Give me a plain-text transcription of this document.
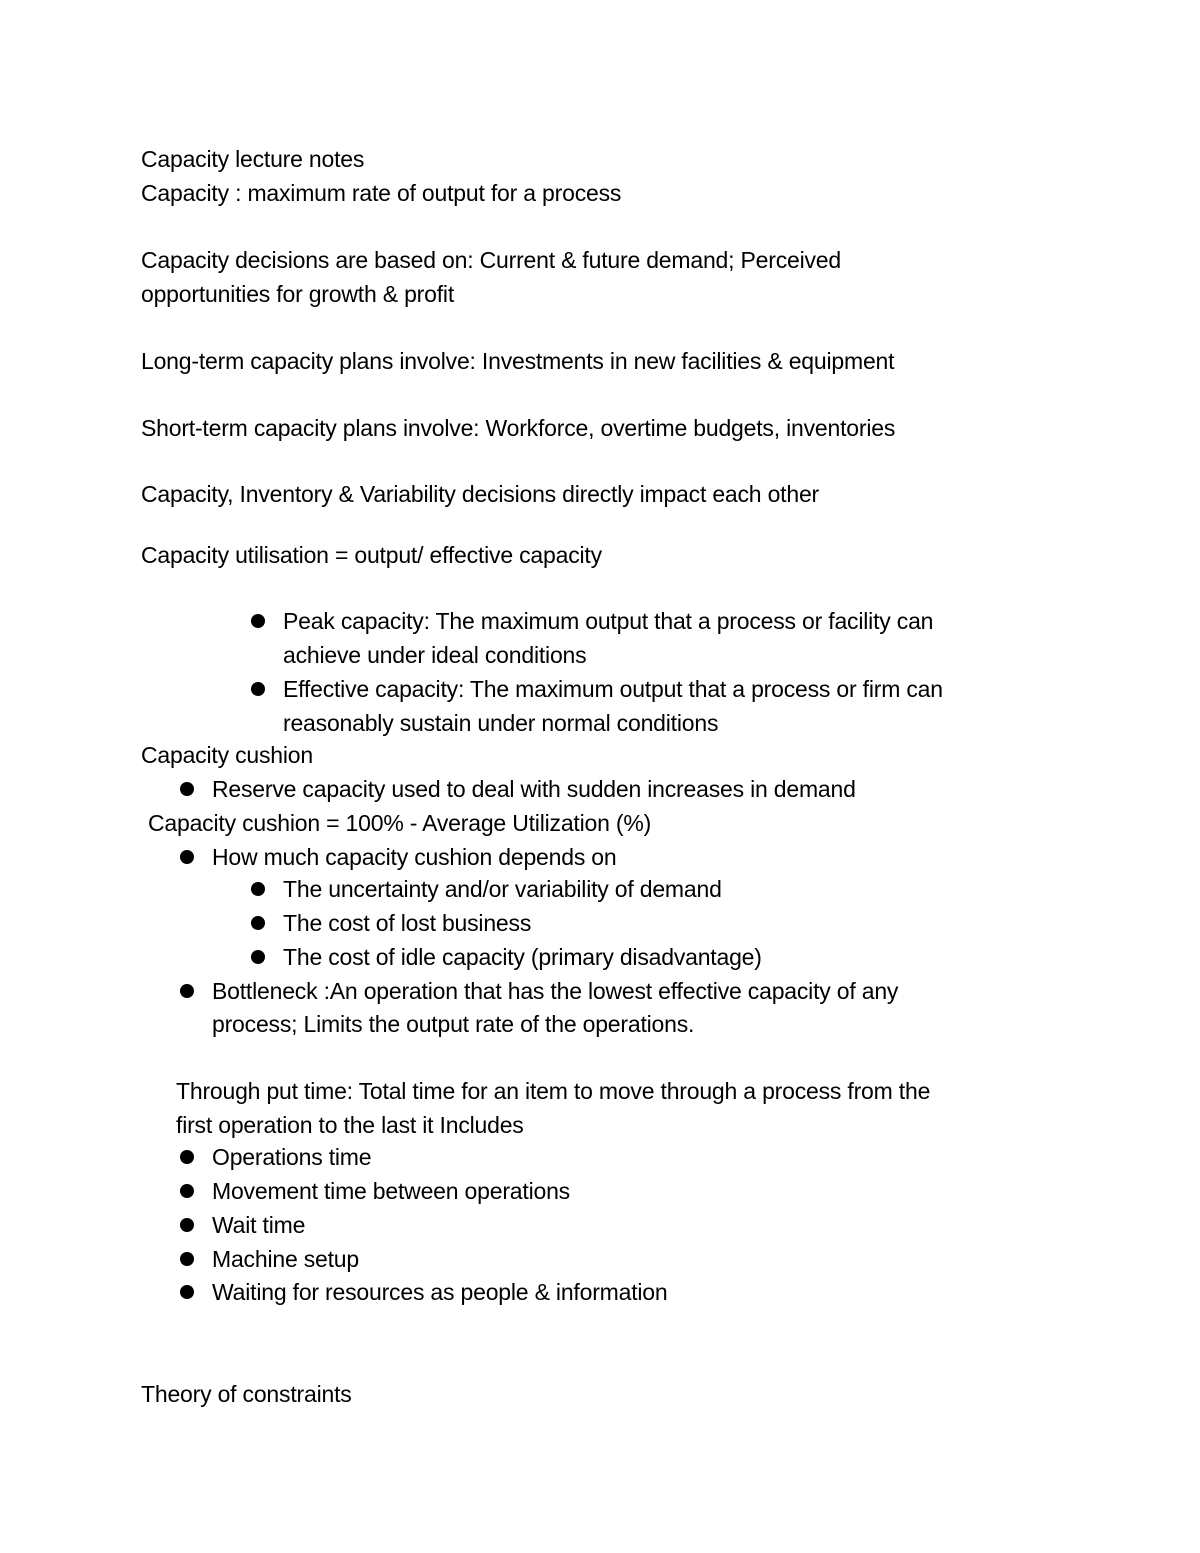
Capacity lecture notes
Capacity : maximum rate of output for a process
Capacity decisions are based on: Current & future demand; Perceived
opportunities for growth & profit
Long-term capacity plans involve: Investments in new facilities & equipment
Short-term capacity plans involve: Workforce, overtime budgets, inventories
Capacity, Inventory & Variability decisions directly impact each other
Capacity utilisation = output/ effective capacity
Peak capacity: The maximum output that a process or facility can
achieve under ideal conditions
Effective capacity: The maximum output that a process or firm can
reasonably sustain under normal conditions
Capacity cushion
Reserve capacity used to deal with sudden increases in demand
Capacity cushion = 100% - Average Utilization (%)
How much capacity cushion depends on
The uncertainty and/or variability of demand
The cost of lost business
The cost of idle capacity (primary disadvantage)
Bottleneck :An operation that has the lowest effective capacity of any
process; Limits the output rate of the operations.
Through put time: Total time for an item to move through a process from the
first operation to the last it Includes
Operations time
Movement time between operations
Wait time
Machine setup
Waiting for resources as people & information
Theory of constraints
